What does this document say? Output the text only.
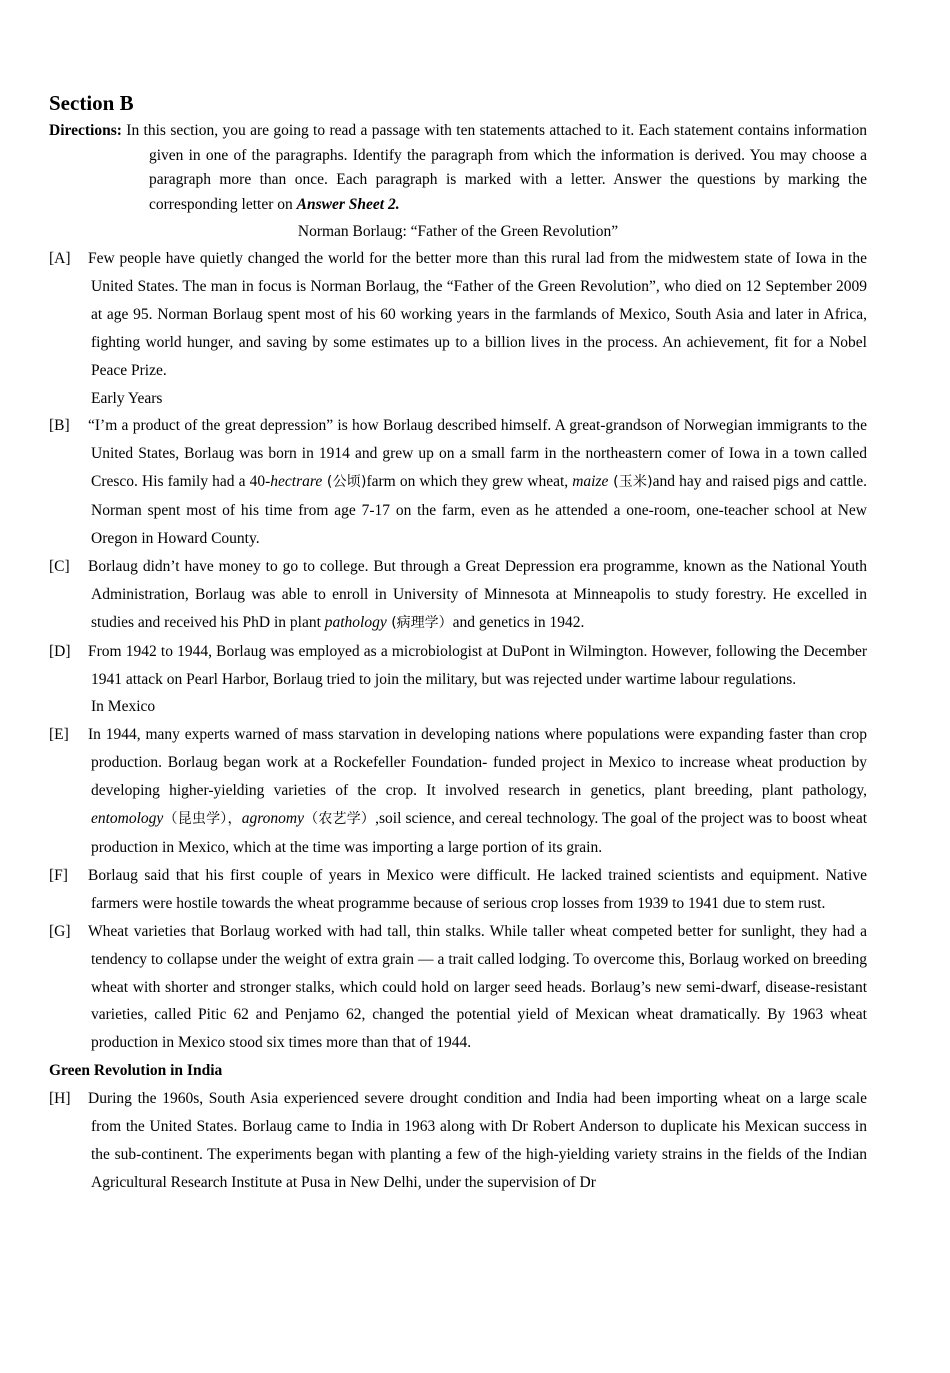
Section B

Directions: In this section, you are going to read a passage with ten statements attached to it. Each statement contains information given in one of the paragraphs. Identify the paragraph from which the information is derived. You may choose a paragraph more than once. Each paragraph is marked with a letter. Answer the questions by marking the corresponding letter on Answer Sheet 2.

Norman Borlaug: “Father of the Green Revolution”

[A] Few people have quietly changed the world for the better more than this rural lad from the midwestem state of Iowa in the United States. The man in focus is Norman Borlaug, the “Father of the Green Revolution”, who died on 12 September 2009 at age 95. Norman Borlaug spent most of his 60 working years in the farmlands of Mexico, South Asia and later in Africa, fighting world hunger, and saving by some estimates up to a billion lives in the process. An achievement, fit for a Nobel Peace Prize.

Early Years

[B] “I’m a product of the great depression” is how Borlaug described himself. A great-grandson of Norwegian immigrants to the United States, Borlaug was born in 1914 and grew up on a small farm in the northeastern comer of Iowa in a town called Cresco. His family had a 40-hectrare (公顷)farm on which they grew wheat, maize (玉米)and hay and raised pigs and cattle. Norman spent most of his time from age 7-17 on the farm, even as he attended a one-room, one-teacher school at New Oregon in Howard County.

[C] Borlaug didn’t have money to go to college. But through a Great Depression era programme, known as the National Youth Administration, Borlaug was able to enroll in University of Minnesota at Minneapolis to study forestry. He excelled in studies and received his PhD in plant pathology (病理学）and genetics in 1942.

[D] From 1942 to 1944, Borlaug was employed as a microbiologist at DuPont in Wilmington. However, following the December 1941 attack on Pearl Harbor, Borlaug tried to join the military, but was rejected under wartime labour regulations.

In Mexico

[E] In 1944, many experts warned of mass starvation in developing nations where populations were expanding faster than crop production. Borlaug began work at a Rockefeller Foundation- funded project in Mexico to increase wheat production by developing higher-yielding varieties of the crop. It involved research in genetics, plant breeding, plant pathology, entomology（昆虫学），agronomy（农艺学）,soil science, and cereal technology. The goal of the project was to boost wheat production in Mexico, which at the time was importing a large portion of its grain.

[F] Borlaug said that his first couple of years in Mexico were difficult. He lacked trained scientists and equipment. Native farmers were hostile towards the wheat programme because of serious crop losses from 1939 to 1941 due to stem rust.

[G] Wheat varieties that Borlaug worked with had tall, thin stalks. While taller wheat competed better for sunlight, they had a tendency to collapse under the weight of extra grain — a trait called lodging. To overcome this, Borlaug worked on breeding wheat with shorter and stronger stalks, which could hold on larger seed heads. Borlaug’s new semi-dwarf, disease-resistant varieties, called Pitic 62 and Penjamo 62, changed the potential yield of Mexican wheat dramatically. By 1963 wheat production in Mexico stood six times more than that of 1944.

Green Revolution in India

[H] During the 1960s, South Asia experienced severe drought condition and India had been importing wheat on a large scale from the United States. Borlaug came to India in 1963 along with Dr Robert Anderson to duplicate his Mexican success in the sub-continent. The experiments began with planting a few of the high-yielding variety strains in the fields of the Indian Agricultural Research Institute at Pusa in New Delhi, under the supervision of Dr
